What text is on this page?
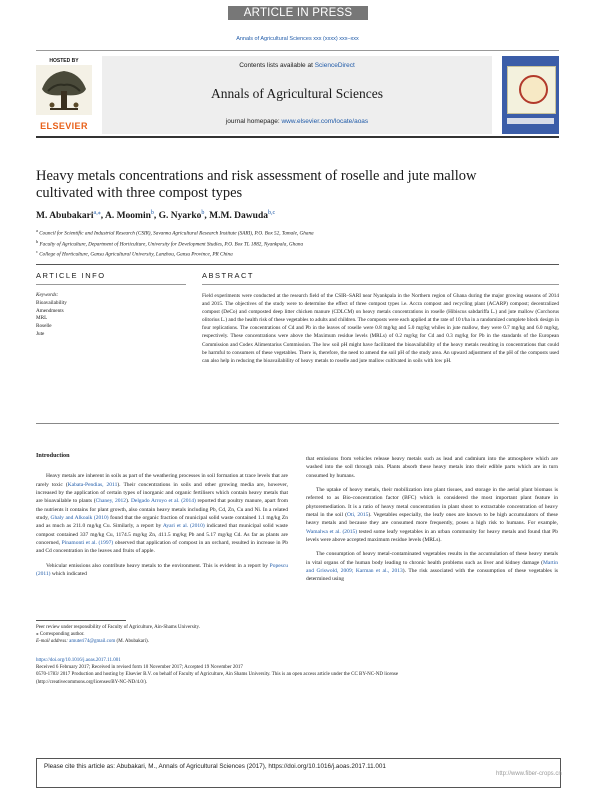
ARTICLE IN PRESS
Annals of Agricultural Sciences xxx (xxxx) xxx–xxx
HOSTED BY
ELSEVIER
Contents lists available at ScienceDirect
Annals of Agricultural Sciences
journal homepage: www.elsevier.com/locate/aoas
Heavy metals concentrations and risk assessment of roselle and jute mallow cultivated with three compost types
M. Abubakari$^{a,⁎}$, A. Moomin$^b$, G. Nyarko$^b$, M.M. Dawuda$^{b,c}$
$^a$ Council for Scientific and Industrial Research (CSIR), Savanna Agricultural Research Institute (SARI), P.O. Box 52, Tamale, Ghana
$^b$ Faculty of Agriculture, Department of Horticulture, University for Development Studies, P.O. Box TL 1882, Nyankpala, Ghana
$^c$ College of Horticulture, Gansu Agricultural University, Lanzhou, Gansu Province, PR China
ARTICLE INFO	ABSTRACT
Keywords:
Bioavailability
Amendments
MRL
Roselle
Jute
Field experiments were conducted at the research field of the CSIR–SARI near Nyankpala in the Northern region of Ghana during the major growing seasons of 2014 and 2015. The objectives of the study were to determine the effect of three compost types i.e. Accra compost and recycling plant (ACARP) compost; decentralized compost (DeCo) and composted deep litter chicken manure (CDLCM) on heavy metals concentrations in roselle (Hibiscus sabdariffa L.) and jute mallow (Corchorus olitorius L.) and the health risk of these vegetables to adults and children. The composts were each applied at the rate of 10 t/ha in a randomized complete block design in four replications. The concentrations of Cd and Pb in the leaves of roselle were 0.8 mg/kg and 5.0 mg/kg whiles in jute mallow, they were 0.7 mg/kg and 6.0 mg/kg, respectively. These concentrations were above the Maximum residue levels (MRLs) of 0.2 mg/kg for Cd and 0.3 mg/kg for Pb in the standards of the European Commission and Codex Alimentarius Commission. The low soil pH might have facilitated the bioavailability of the heavy metals resulting in concentrations that could be harmful to consumers of these vegetables. There is, therefore, the need to amend the soil pH of the study area. An upward adjustment of the pH of the composts used can also help in reducing the bioavailability of heavy metals to roselle and jute mallow cultivated in soils with low pH.

Introduction

Heavy metals are inherent in soils as part of the weathering processes in soil formation at trace levels that are rarely toxic (Kabata-Pendias, 2011). Their concentrations in soils and other growing media are, however, increased by the application of certain types of inorganic and organic fertilisers which contain heavy metals that are bioavailable to plants (Chaney, 2012). Delgado Arroyo et al. (2014) reported that poultry manure, apart from the nutrients it contains for plant growth, also contain heavy metals including Pb, Cd, Zn, Cu and Ni. In a related study, Ghaly and Alkoaik (2010) found that the organic fraction of municipal solid waste contained 1.1 mg/kg Zn and as much as 211.0 mg/kg Cu. Similarly, a report by Ayari et al. (2010) indicated that municipal solid waste compost contained 337 mg/kg Cu, 1174.5 mg/kg Zn, 411.5 mg/kg Pb and 5.17 mg/kg Cd. As far as plants are concerned, Pinamonti et al. (1997) observed that application of compost in an orchard, resulted in increase in Pb and Cd concentration in the leaves and fruits of apple.

Vehicular emissions also contribute heavy metals to the environment. This is evident in a report by Popescu (2011) which indicated

that emissions from vehicles release heavy metals such as lead and cadmium into the atmosphere which are washed into the soil through rain. Plants absorb these heavy metals into their edible parts which are in turn consumed by humans.

The uptake of heavy metals, their mobilization into plant tissues, and storage in the aerial plant biomass is referred to as Bio-concentration factor (BFC) which is considered the most important plant feature in phytoremediation. It is a ratio of heavy metal concentration in plant shoot to extractable concentration of heavy metal in the soil (Oti, 2015). Vegetables especially, the leafy ones are known to be high accumulators of these heavy metals and because they are consumed more frequently, poses a high risk to humans. For example, Wamalwa et al. (2015) tested some leafy vegetables in an urban community for heavy metals and found that Pb levels were above accepted maximum residue levels (MRLs).

The consumption of heavy metal-contaminated vegetables results in the accumulation of these heavy metals in vital organs of the human body leading to chronic health problems such as liver and kidney damage (Martin and Griswold, 2009; Karman et al., 2013). The risk associated with the consumption of these vegetables is determined using

Peer review under responsibility of Faculty of Agriculture, Ain-Shams University.
⁎ Corresponding author.
E-mail address: amuteri74@gmail.com (M. Abubakari).
https://doi.org/10.1016/j.aoas.2017.11.001
Received 6 February 2017; Received in revised form 10 November 2017; Accepted 19 November 2017
0570-1783/ 2017 Production and hosting by Elsevier B.V. on behalf of Faculty of Agriculture, Ain Shams University. This is an open access article under the CC BY-NC-ND license
(http://creativecommons.org/licenses/BY-NC-ND/4.0/).
Please cite this article as: Abubakari, M., Annals of Agricultural Sciences (2017), https://doi.org/10.1016/j.aoas.2017.11.001
http://www.fiber-crops.cn
